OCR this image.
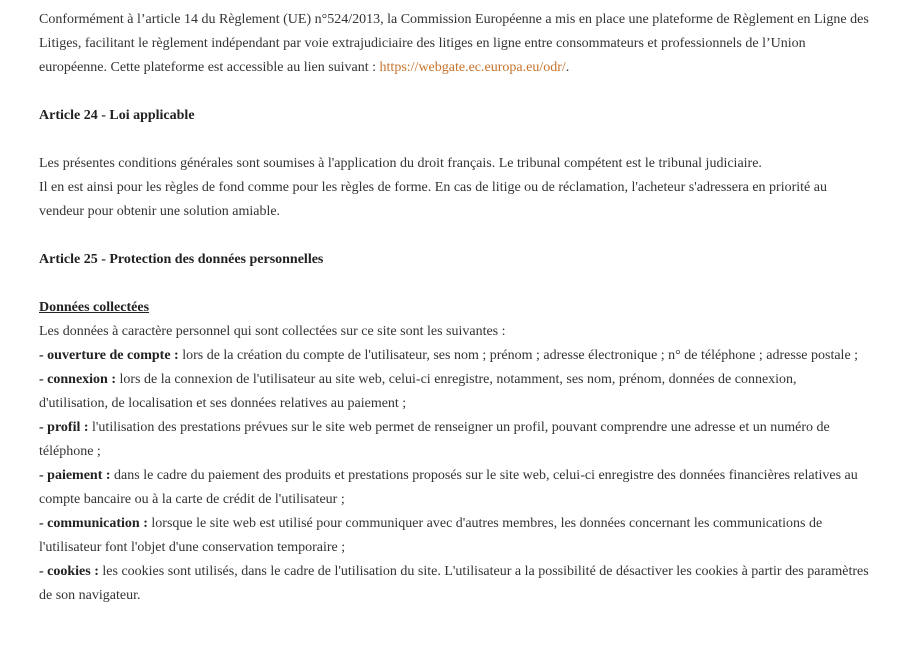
Conformément à l’article 14 du Règlement (UE) n°524/2013, la Commission Européenne a mis en place une plateforme de Règlement en Ligne des Litiges, facilitant le règlement indépendant par voie extrajudiciaire des litiges en ligne entre consommateurs et professionnels de l’Union européenne. Cette plateforme est accessible au lien suivant : https://webgate.ec.europa.eu/odr/.

Article 24 - Loi applicable

Les présentes conditions générales sont soumises à l'application du droit français. Le tribunal compétent est le tribunal judiciaire.

Il en est ainsi pour les règles de fond comme pour les règles de forme. En cas de litige ou de réclamation, l'acheteur s'adressera en priorité au vendeur pour obtenir une solution amiable.

Article 25 - Protection des données personnelles

Données collectées

Les données à caractère personnel qui sont collectées sur ce site sont les suivantes :

- ouverture de compte : lors de la création du compte de l'utilisateur, ses nom ; prénom ; adresse électronique ; n° de téléphone ; adresse postale ;

- connexion : lors de la connexion de l'utilisateur au site web, celui-ci enregistre, notamment, ses nom, prénom, données de connexion, d'utilisation, de localisation et ses données relatives au paiement ;

- profil : l'utilisation des prestations prévues sur le site web permet de renseigner un profil, pouvant comprendre une adresse et un numéro de téléphone ;

- paiement : dans le cadre du paiement des produits et prestations proposés sur le site web, celui-ci enregistre des données financières relatives au compte bancaire ou à la carte de crédit de l'utilisateur ;

- communication : lorsque le site web est utilisé pour communiquer avec d'autres membres, les données concernant les communications de l'utilisateur font l'objet d'une conservation temporaire ;

- cookies : les cookies sont utilisés, dans le cadre de l'utilisation du site. L'utilisateur a la possibilité de désactiver les cookies à partir des paramètres de son navigateur.
